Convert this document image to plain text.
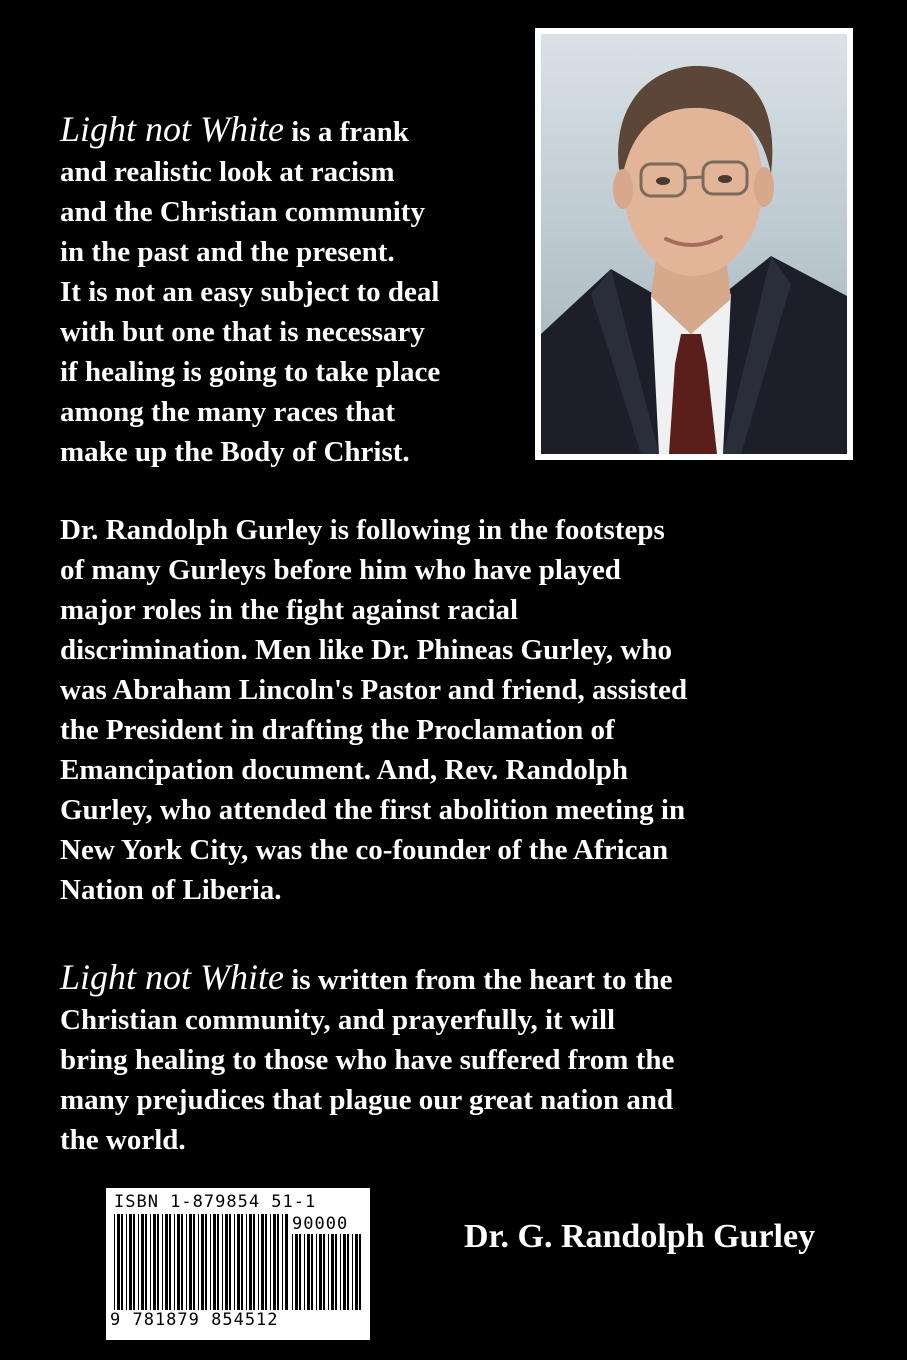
Light not White is a frank
and realistic look at racism
and the Christian community
in the past and the present.
It is not an easy subject to deal
with but one that is necessary
if healing is going to take place
among the many races that
make up the Body of Christ.
Dr. Randolph Gurley is following in the footsteps
of many Gurleys before him who have played
major roles in the fight against racial
discrimination. Men like Dr. Phineas Gurley, who
was Abraham Lincoln's Pastor and friend, assisted
the President in drafting the Proclamation of
Emancipation document. And, Rev. Randolph
Gurley, who attended the first abolition meeting in
New York City, was the co-founder of the African
Nation of Liberia.
Light not White is written from the heart to the
Christian community, and prayerfully, it will
bring healing to those who have suffered from the
many prejudices that plague our great nation and
the world.
ISBN 1-879854 51-1
90000
9 781879 854512
Dr. G. Randolph Gurley
